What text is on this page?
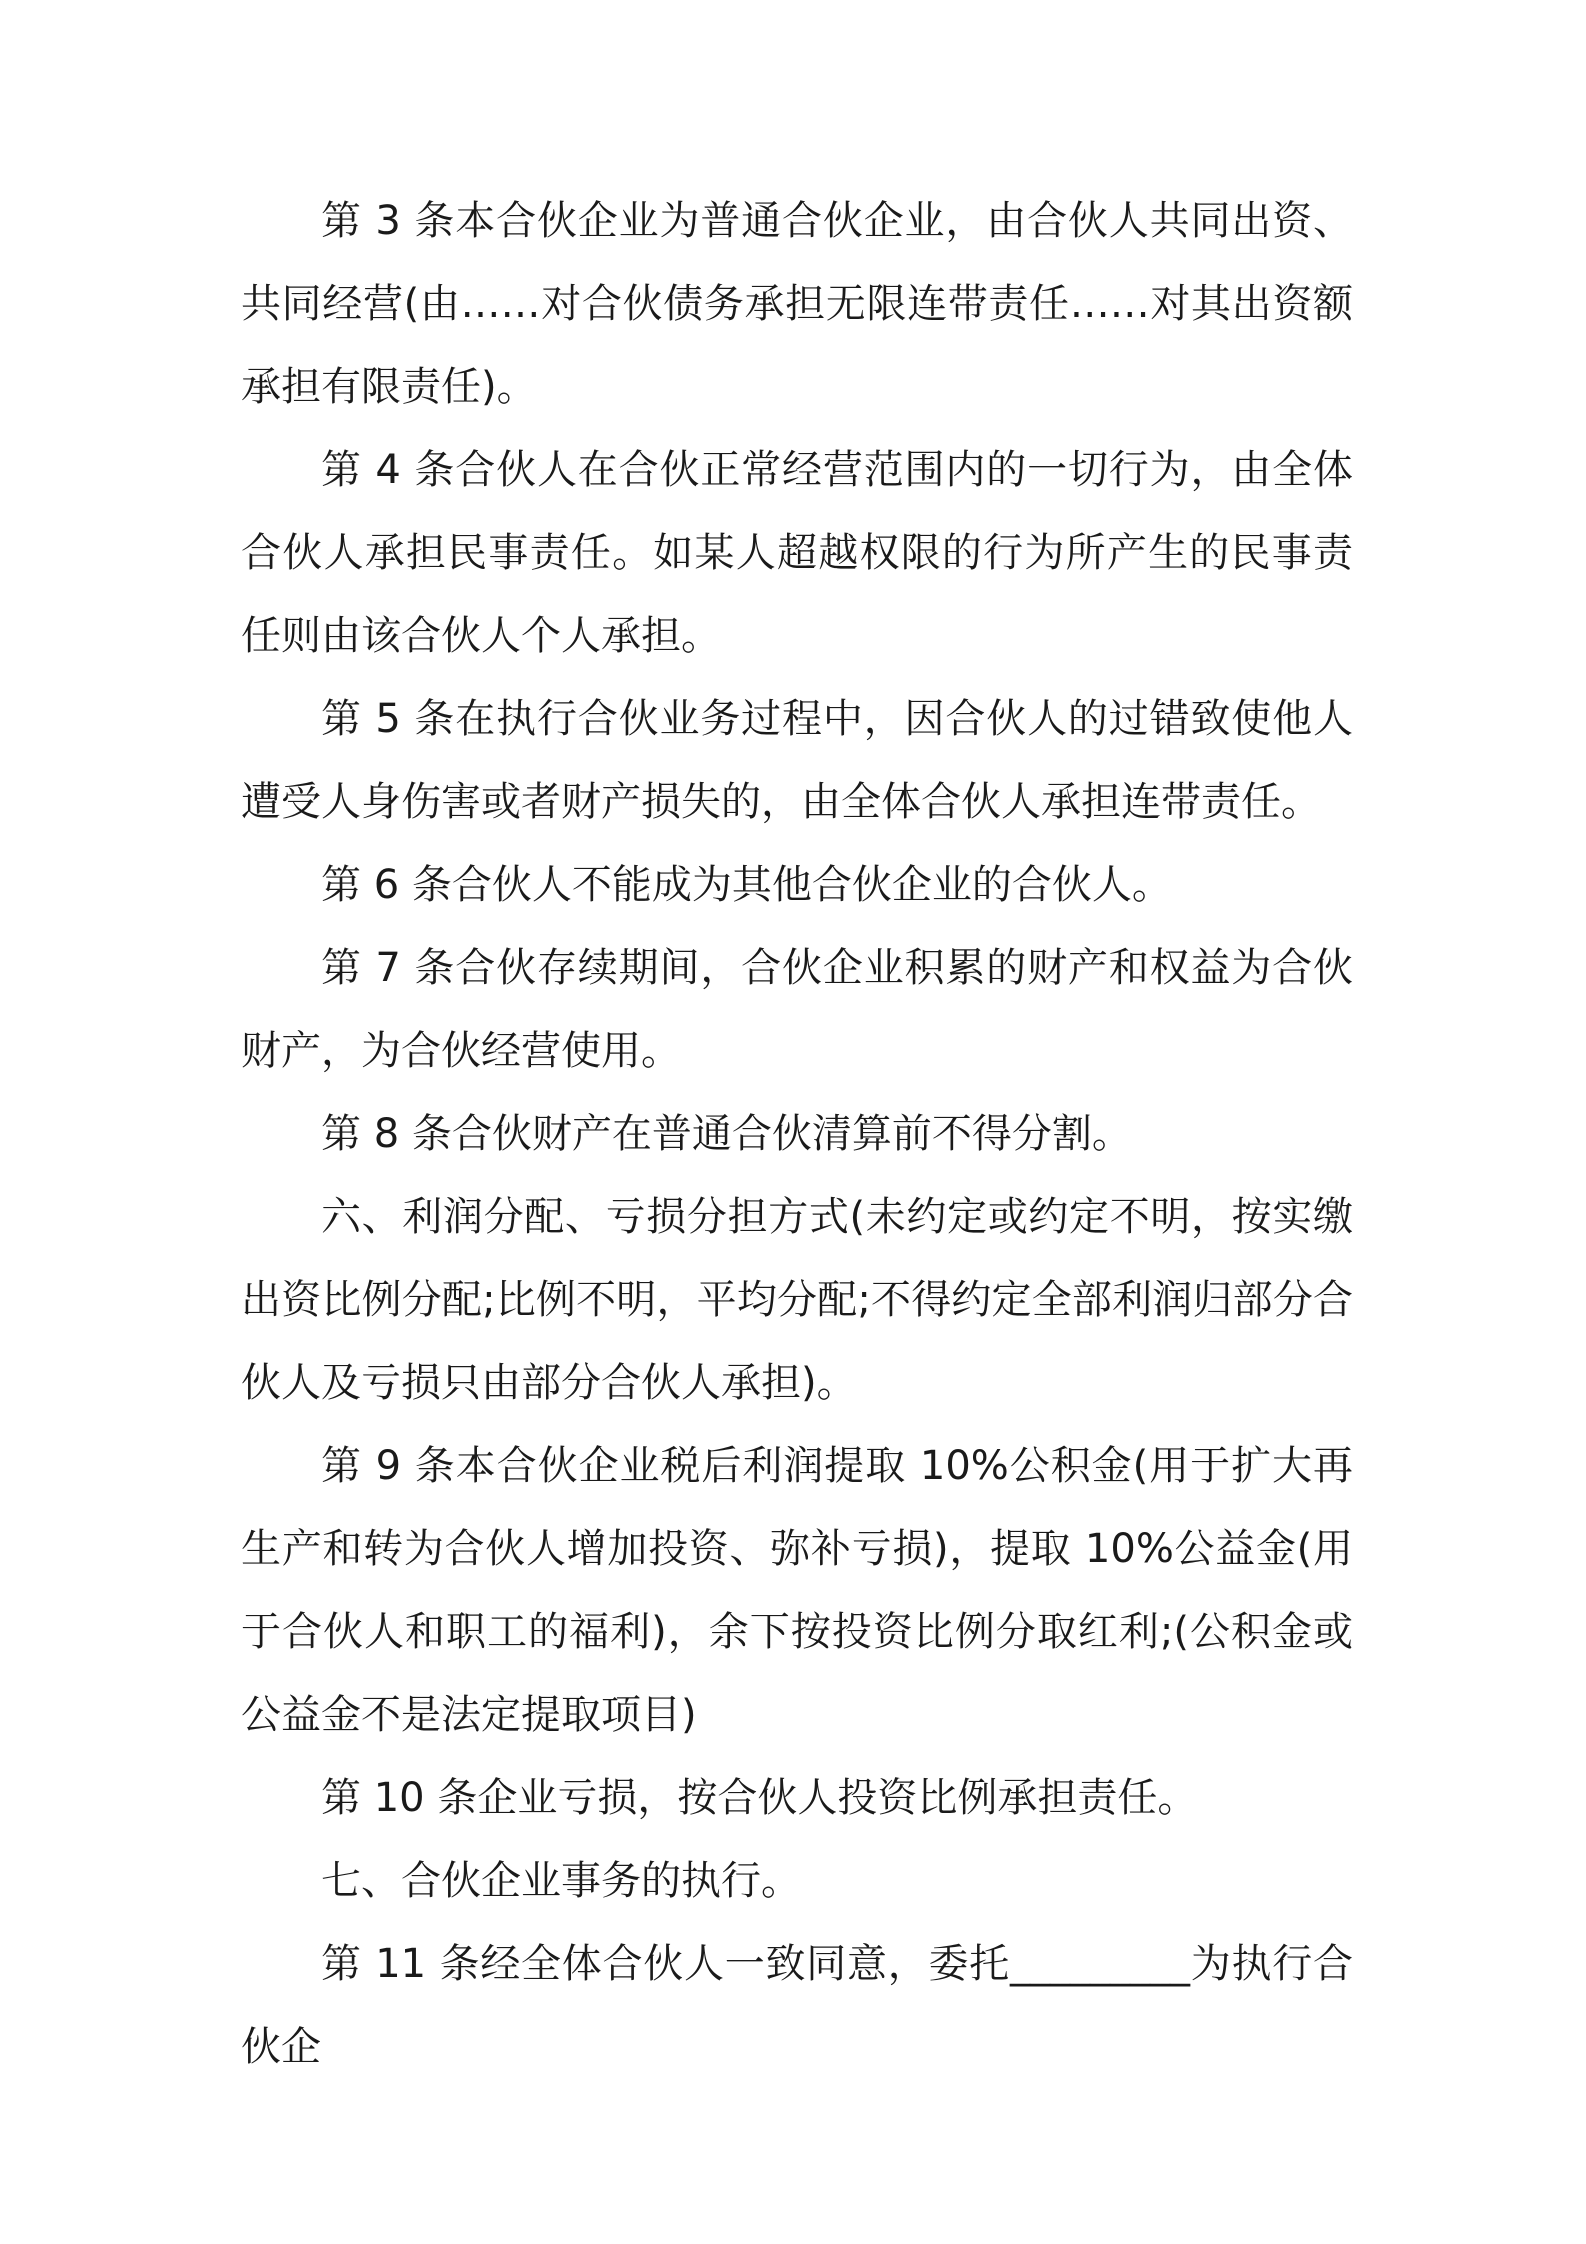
第 3 条本合伙企业为普通合伙企业，由合伙人共同出资、共同经营(由……对合伙债务承担无限连带责任……对其出资额承担有限责任)。

第 4 条合伙人在合伙正常经营范围内的一切行为，由全体合伙人承担民事责任。如某人超越权限的行为所产生的民事责任则由该合伙人个人承担。

第 5 条在执行合伙业务过程中，因合伙人的过错致使他人遭受人身伤害或者财产损失的，由全体合伙人承担连带责任。

第 6 条合伙人不能成为其他合伙企业的合伙人。

第 7 条合伙存续期间，合伙企业积累的财产和权益为合伙财产，为合伙经营使用。

第 8 条合伙财产在普通合伙清算前不得分割。

六、利润分配、亏损分担方式(未约定或约定不明，按实缴出资比例分配;比例不明，平均分配;不得约定全部利润归部分合伙人及亏损只由部分合伙人承担)。

第 9 条本合伙企业税后利润提取 10%公积金(用于扩大再生产和转为合伙人增加投资、弥补亏损)，提取 10%公益金(用于合伙人和职工的福利)，余下按投资比例分取红利;(公积金或公益金不是法定提取项目)

第 10 条企业亏损，按合伙人投资比例承担责任。

七、合伙企业事务的执行。

第 11 条经全体合伙人一致同意，委托_________为执行合伙企
